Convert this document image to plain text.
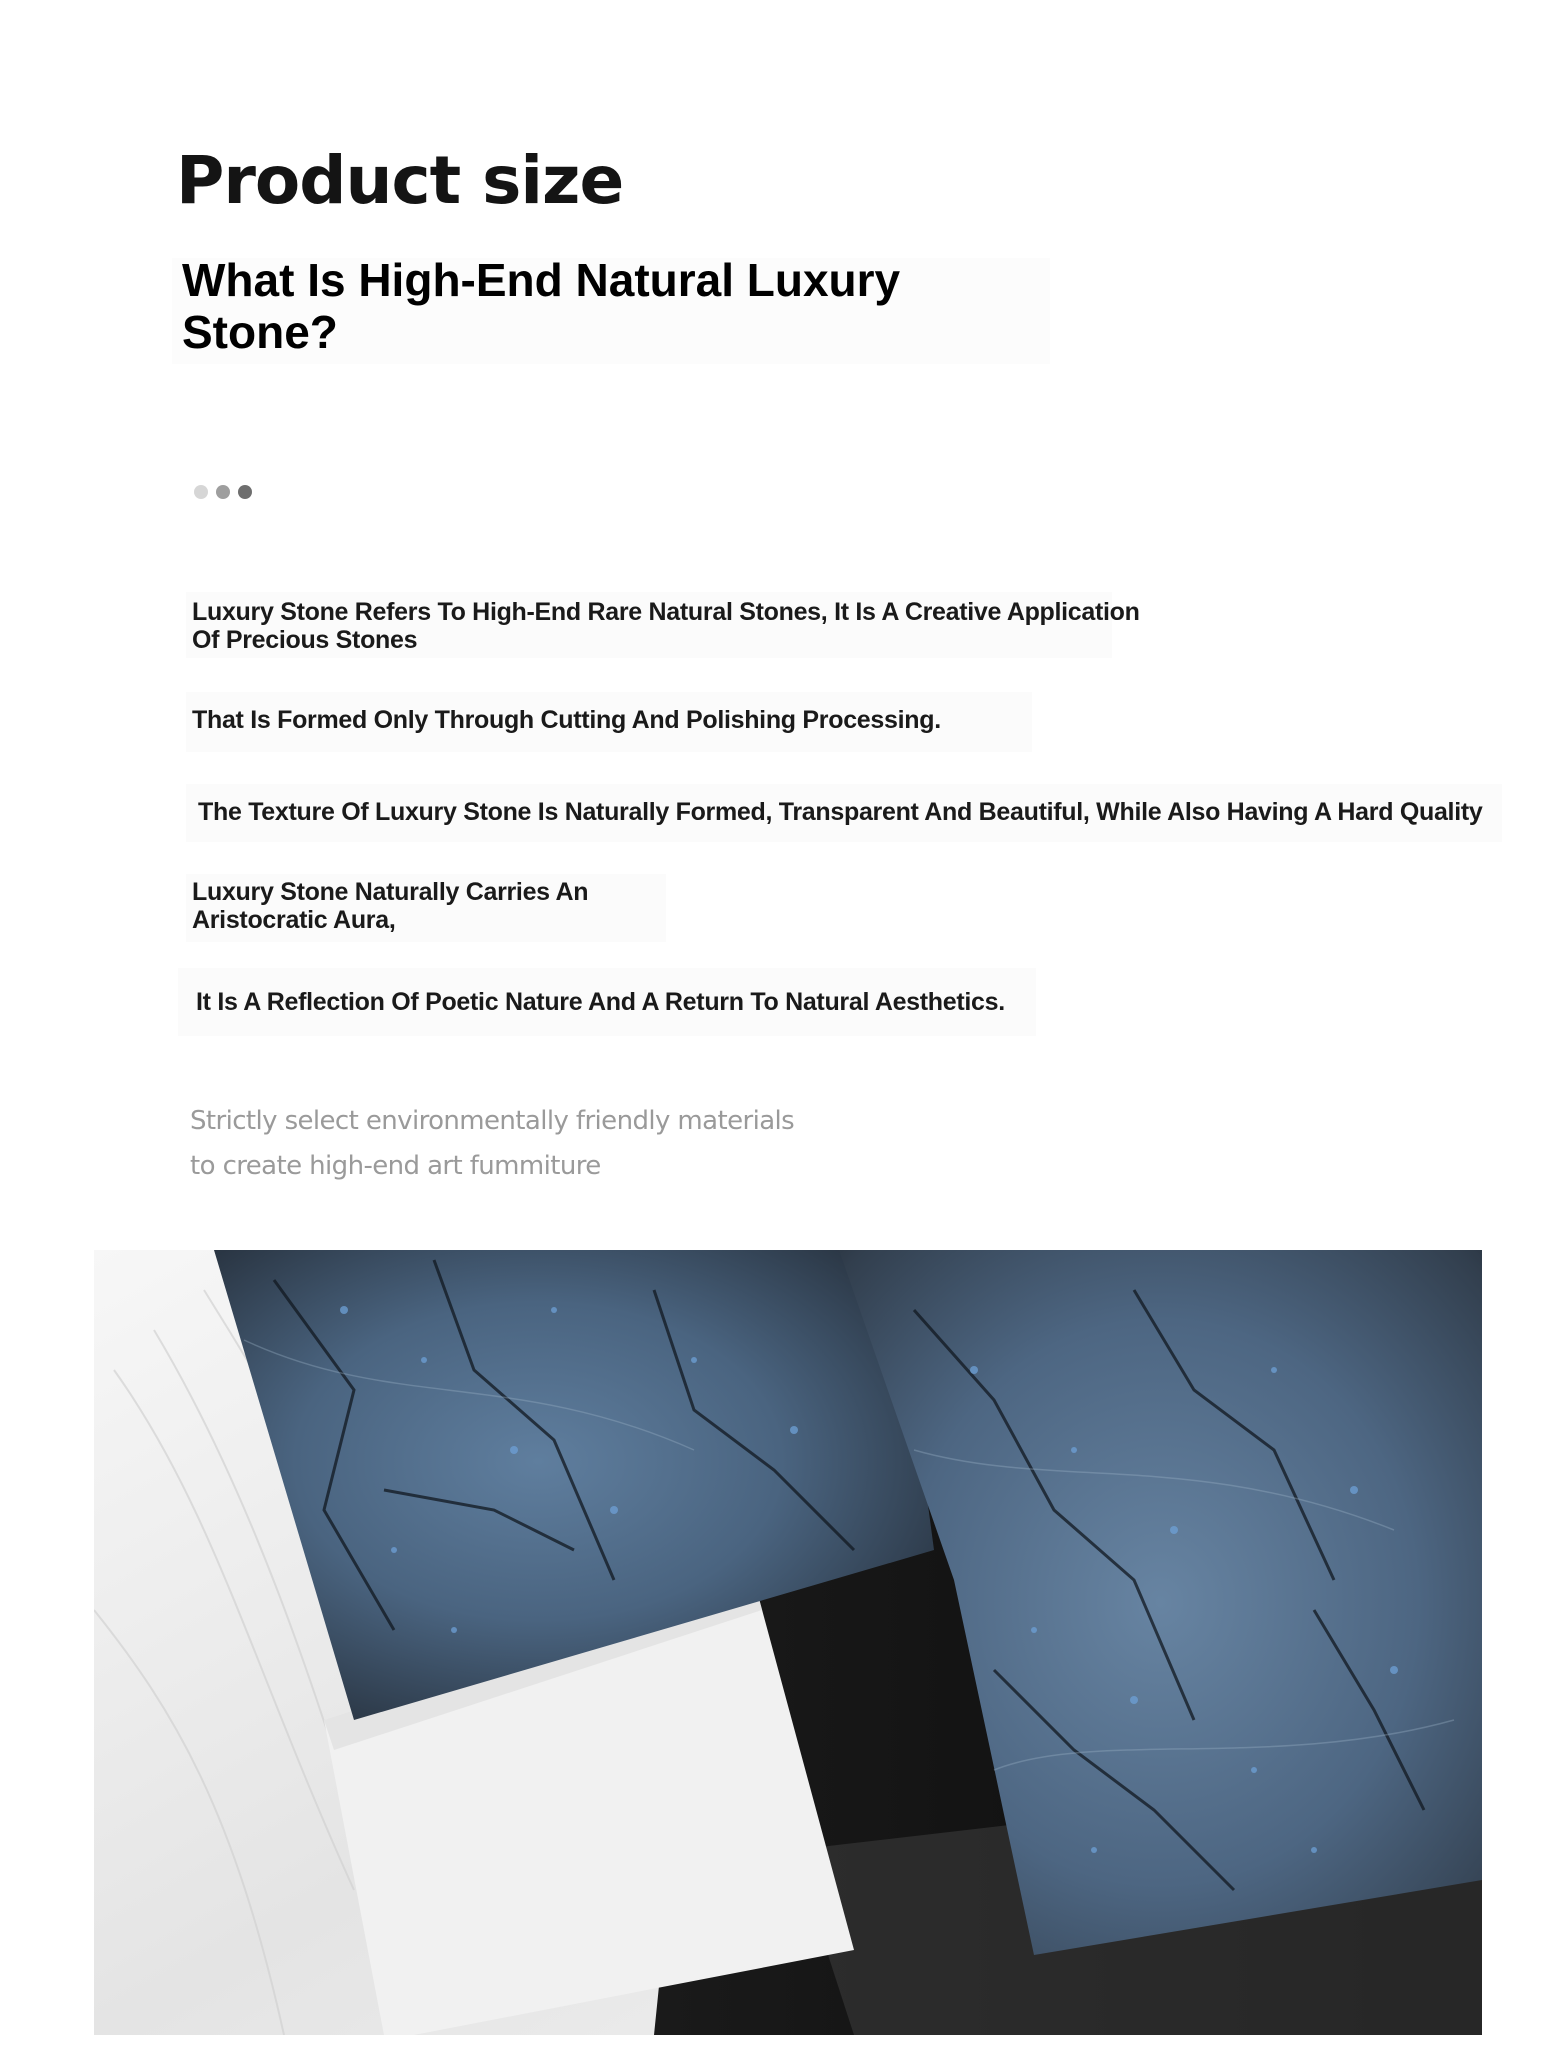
Product size
What Is High-End Natural Luxury Stone?

Luxury Stone Refers To High-End Rare Natural Stones, It Is A Creative Application Of Precious Stones

That Is Formed Only Through Cutting And Polishing Processing.

The Texture Of Luxury Stone Is Naturally Formed, Transparent And Beautiful, While Also Having A Hard Quality

Luxury Stone Naturally Carries An Aristocratic Aura,

It Is A Reflection Of Poetic Nature And A Return To Natural Aesthetics.

Strictly select environmentally friendly materials

to create high-end art fummiture
